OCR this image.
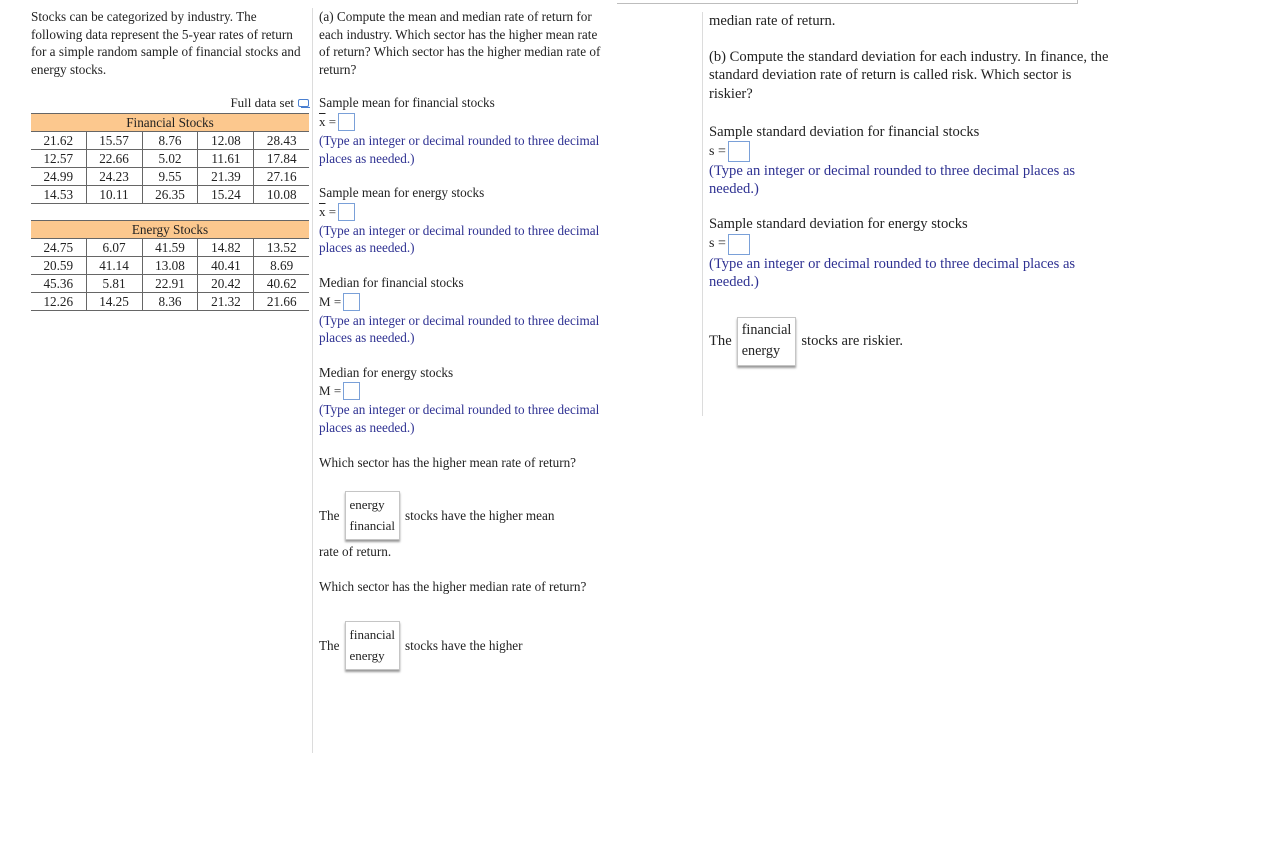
Stocks can be categorized by industry. The following data represent the 5-year rates of return for a simple random sample of financial stocks and energy stocks.

Full data set
Financial Stocks				
21.62	15.57	8.76	12.08	28.43
12.57	22.66	5.02	11.61	17.84
24.99	24.23	9.55	21.39	27.16
14.53	10.11	26.35	15.24	10.08
Energy Stocks				
24.75	6.07	41.59	14.82	13.52
20.59	41.14	13.08	40.41	8.69
45.36	5.81	22.91	20.42	40.62
12.26	14.25	8.36	21.32	21.66

(a) Compute the mean and median rate of return for each industry. Which sector has the higher mean rate of return? Which sector has the higher median rate of return?

Sample mean for financial stocks

$\overline{x}$
=

(Type an integer or decimal rounded to three decimal places as needed.)

Sample mean for energy stocks

$\overline{x}$
=

(Type an integer or decimal rounded to three decimal places as needed.)

Median for financial stocks

M
=

(Type an integer or decimal rounded to three decimal places as needed.)

Median for energy stocks

M
=

(Type an integer or decimal rounded to three decimal places as needed.)

Which sector has the higher mean rate of return?

The
energy
financial
stocks have the higher mean

rate of return.

Which sector has the higher median rate of return?

The
financial
energy
stocks have the higher

median rate of return.

(b) Compute the standard deviation for each industry. In finance, the standard deviation rate of return is called risk. Which sector is riskier?

Sample standard deviation for financial stocks

s
=

(Type an integer or decimal rounded to three decimal places as needed.)

Sample standard deviation for energy stocks

s
=

(Type an integer or decimal rounded to three decimal places as needed.)

The
financial
energy
stocks are riskier.
